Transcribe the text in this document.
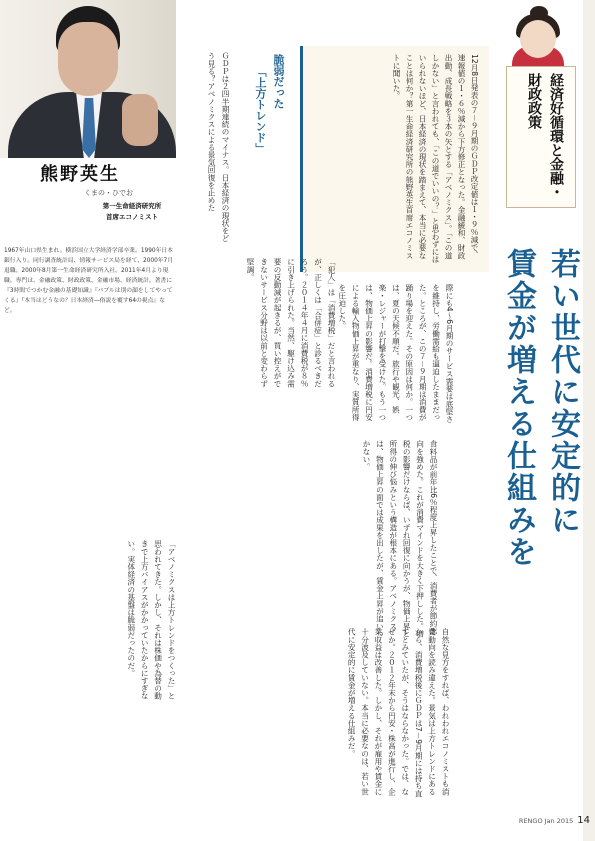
熊野英生
くまの・ひでお
第一生命経済研究所
首席エコノミスト
1967年山口県生まれ。横浜国立大学経済学部卒業。1990年日本銀行入り。同行調査統計局、情報サービス局を経て、2000年7月退職。2000年8月第一生命経済研究所入社。2011年4月より現職。専門は、金融政策、財政政策、金融市場、経済統計。著書に『3時間でつかむ金融の基礎知識』『バブルは別の顔をしてやってくる』『本当はどうなの？日本経済―俗説を覆す64の視点』など。
ＧＤＰは２四半期連続のマイナス。日本経済の現状をどう見る？アベノミクスによる景気回復を止めた	脆弱だった
「上方トレンド」	12月8日発表の７－９月期のＧＤＰ改定値は１・９％減で、速報値の１・６％減から下方修正となった。金融緩和、財政出動、成長戦略を３本の矢とする「アベノミクス」。「この道しかない」と言われても、「この道でいいの？」と思わずにはいられないほど、日本経済の現状を踏まえて、本当に必要なことは何か？第一生命経済研究所の熊野英生首席エコノミストに聞いた。	経済好循環と金融・財政政策
若い世代に安定的に
賃金が増える仕組みを
「犯人」は「消費増税」だと言われるが、正しくは「合併症」と診るべきだろう。２０１４年４月に消費税が８％に引き上げられた。当然、駆け込み需要の反動減が起きるが、買い控えができないサービス分野は以前と変わらず堅調。
際にも4～6月期のサービス需要は底堅さを維持し、労働需給も逼迫したままだった。ところが、この７－９月期は消費が踊り場を迎えた。その原因は何か。一つは、夏の天候不順だ。旅行や観光、娯楽・レジャーが打撃を受けた。もう一つは、物価上昇の影響だ。消費増税に円安による輸入物価上昇が重なり、実質所得を圧迫した。
食料品が前年比6％程度上昇したことで、消費者が節約志向を強めた。これが消費マインドを大きく下押しした。増税の影響だけならば、いずれ回復に向かうが、物価上昇と所得の伸び悩みという構造が根本にある。アベノミクスは、物価上昇の面では成果を出したが、賃金上昇が追いつかない。
「アベノミクスは上方トレンドをつくった」と思われてきた。しかし、それは株価や為替の動きで上方バイアスがかかっていたからにすぎない。実体経済の基盤は脆弱だったのだ。
自然な見方をすれば、われわれエコノミストも消費動向を読み違えた。景気は上方トレンドにあるから、消費増税後にＧＤＰは7－9月期には持ち直すとみていたが、そうはならなかった。では、なぜか。２０１２年末から円安・株高が進行し、企業収益は改善した。しかし、それが雇用や賃金に十分波及していない。本当に必要なのは、若い世代に安定的に賃金が増える仕組みだ。
RENGO Jan 2015 14
